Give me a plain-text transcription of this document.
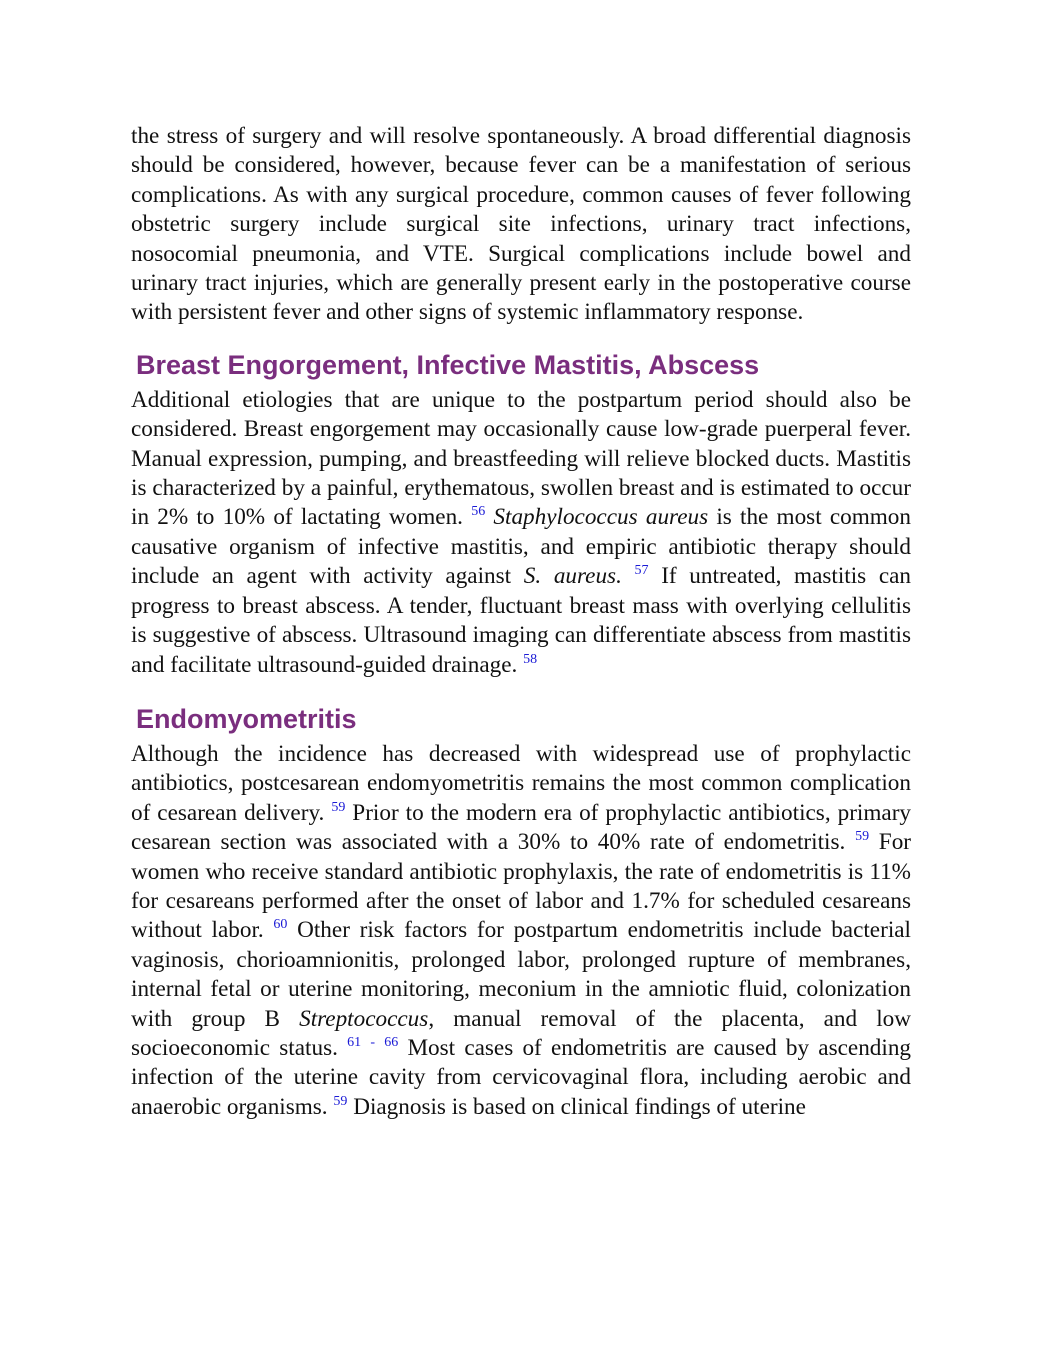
the stress of surgery and will resolve spontaneously. A broad differential diagnosis should be considered, however, because fever can be a manifestation of serious complications. As with any surgical procedure, common causes of fever following obstetric surgery include surgical site infections, urinary tract infections, nosocomial pneumonia, and VTE. Surgical complications include bowel and urinary tract injuries, which are generally present early in the postoperative course with persistent fever and other signs of systemic inflammatory response.

Breast Engorgement, Infective Mastitis, Abscess

Additional etiologies that are unique to the postpartum period should also be considered. Breast engorgement may occasionally cause low-grade puerperal fever. Manual expression, pumping, and breastfeeding will relieve blocked ducts. Mastitis is characterized by a painful, erythematous, swollen breast and is estimated to occur in 2% to 10% of lactating women. $^{56}$ Staphylococcus aureus is the most common causative organism of infective mastitis, and empiric antibiotic therapy should include an agent with activity against S. aureus. $^{57}$ If untreated, mastitis can progress to breast abscess. A tender, fluctuant breast mass with overlying cellulitis is suggestive of abscess. Ultrasound imaging can differentiate abscess from mastitis and facilitate ultrasound-guided drainage. $^{58}$

Endomyometritis

Although the incidence has decreased with widespread use of prophylactic antibiotics, postcesarean endomyometritis remains the most common complication of cesarean delivery. $^{59}$ Prior to the modern era of prophylactic antibiotics, primary cesarean section was associated with a 30% to 40% rate of endometritis. $^{59}$ For women who receive standard antibiotic prophylaxis, the rate of endometritis is 11% for cesareans performed after the onset of labor and 1.7% for scheduled cesareans without labor. $^{60}$ Other risk factors for postpartum endometritis include bacterial vaginosis, chorioamnionitis, prolonged labor, prolonged rupture of membranes, internal fetal or uterine monitoring, meconium in the amniotic fluid, colonization with group B Streptococcus, manual removal of the placenta, and low socioeconomic status. $^{61}$ - $^{66}$ Most cases of endometritis are caused by ascending infection of the uterine cavity from cervicovaginal flora, including aerobic and anaerobic organisms. $^{59}$ Diagnosis is based on clinical findings of uterine
